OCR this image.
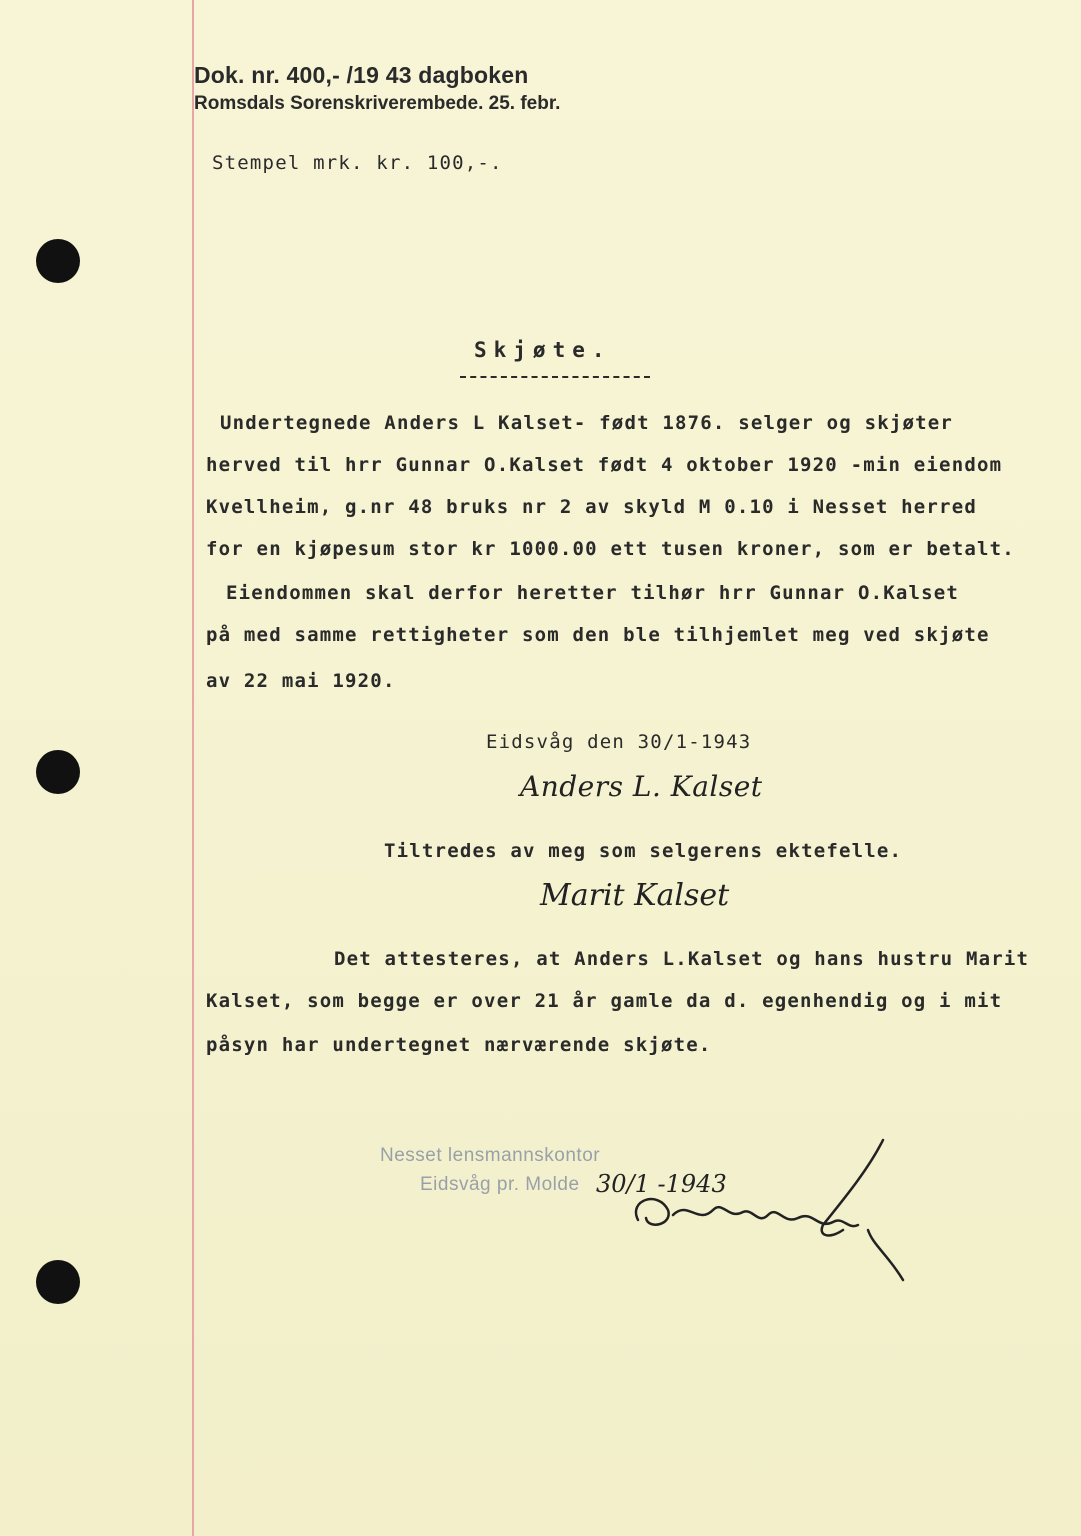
Dok. nr. 400,- /19 43 dagboken
Romsdals Sorenskriverembede. 25. febr.
Stempel mrk. kr. 100,-.
Skjøte.
Undertegnede Anders L Kalset- født 1876. selger og skjøter
herved til hrr Gunnar O.Kalset født 4 oktober 1920 -min eiendom
Kvellheim, g.nr 48 bruks nr 2 av skyld M 0.10 i Nesset herred
for en kjøpesum stor kr 1000.00 ett tusen kroner, som er betalt.
Eiendommen skal derfor heretter tilhør hrr Gunnar O.Kalset
på med samme rettigheter som den ble tilhjemlet meg ved skjøte
av 22 mai 1920.
Eidsvåg den 30/1-1943
Anders L. Kalset
Tiltredes av meg som selgerens ektefelle.
Marit Kalset
Det attesteres, at Anders L.Kalset og hans hustru Marit
Kalset, som begge er over 21 år gamle da d. egenhendig og i mit
påsyn har undertegnet nærværende skjøte.
Nesset lensmannskontor
Eidsvåg pr. Molde 30/1 -1943
